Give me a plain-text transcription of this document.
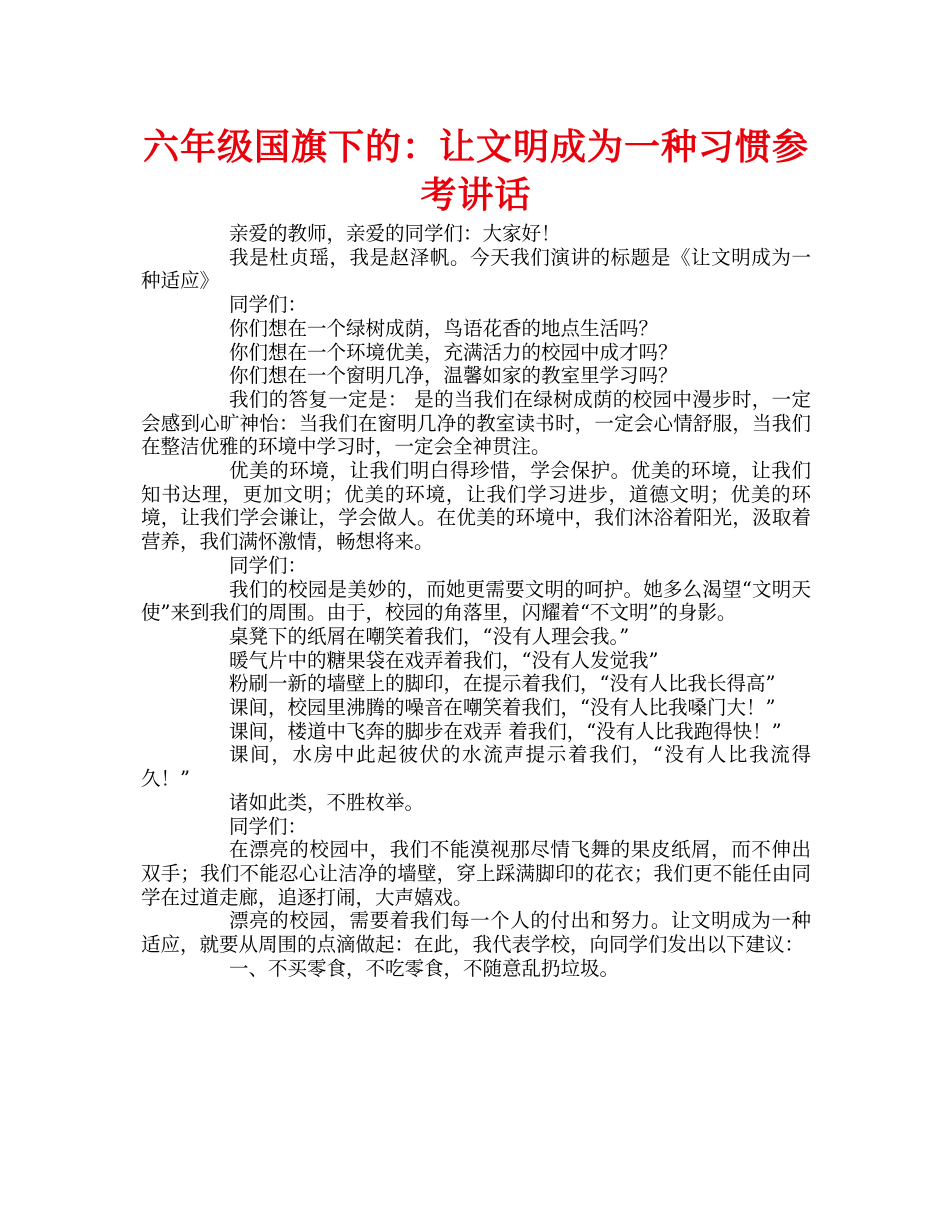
六年级国旗下的：让文明成为一种习惯参考讲话

亲爱的教师，亲爱的同学们：大家好！

我是杜贞瑶，我是赵泽帆。今天我们演讲的标题是《让文明成为一种适应》

同学们：

你们想在一个绿树成荫，鸟语花香的地点生活吗？

你们想在一个环境优美，充满活力的校园中成才吗？

你们想在一个窗明几净，温馨如家的教室里学习吗？

我们的答复一定是： 是的当我们在绿树成荫的校园中漫步时，一定会感到心旷神怡：当我们在窗明几净的教室读书时，一定会心情舒服，当我们在整洁优雅的环境中学习时，一定会全神贯注。

优美的环境，让我们明白得珍惜，学会保护。优美的环境，让我们知书达理，更加文明；优美的环境，让我们学习进步，道德文明；优美的环境，让我们学会谦让，学会做人。在优美的环境中，我们沐浴着阳光，汲取着营养，我们满怀激情，畅想将来。

同学们：

我们的校园是美妙的，而她更需要文明的呵护。她多么渴望“文明天使”来到我们的周围。由于，校园的角落里，闪耀着“不文明”的身影。

桌凳下的纸屑在嘲笑着我们，“没有人理会我。”

暖气片中的糖果袋在戏弄着我们，“没有人发觉我”

粉刷一新的墙壁上的脚印，在提示着我们，“没有人比我长得高”

课间，校园里沸腾的噪音在嘲笑着我们，“没有人比我嗓门大！”

课间，楼道中飞奔的脚步在戏弄 着我们，“没有人比我跑得快！”

课间，水房中此起彼伏的水流声提示着我们，“没有人比我流得久！”

诸如此类，不胜枚举。

同学们：

在漂亮的校园中，我们不能漠视那尽情飞舞的果皮纸屑，而不伸出双手；我们不能忍心让洁净的墙壁，穿上踩满脚印的花衣；我们更不能任由同学在过道走廊，追逐打闹，大声嬉戏。

漂亮的校园，需要着我们每一个人的付出和努力。让文明成为一种适应，就要从周围的点滴做起：在此，我代表学校，向同学们发出以下建议：

一、不买零食，不吃零食，不随意乱扔垃圾。
